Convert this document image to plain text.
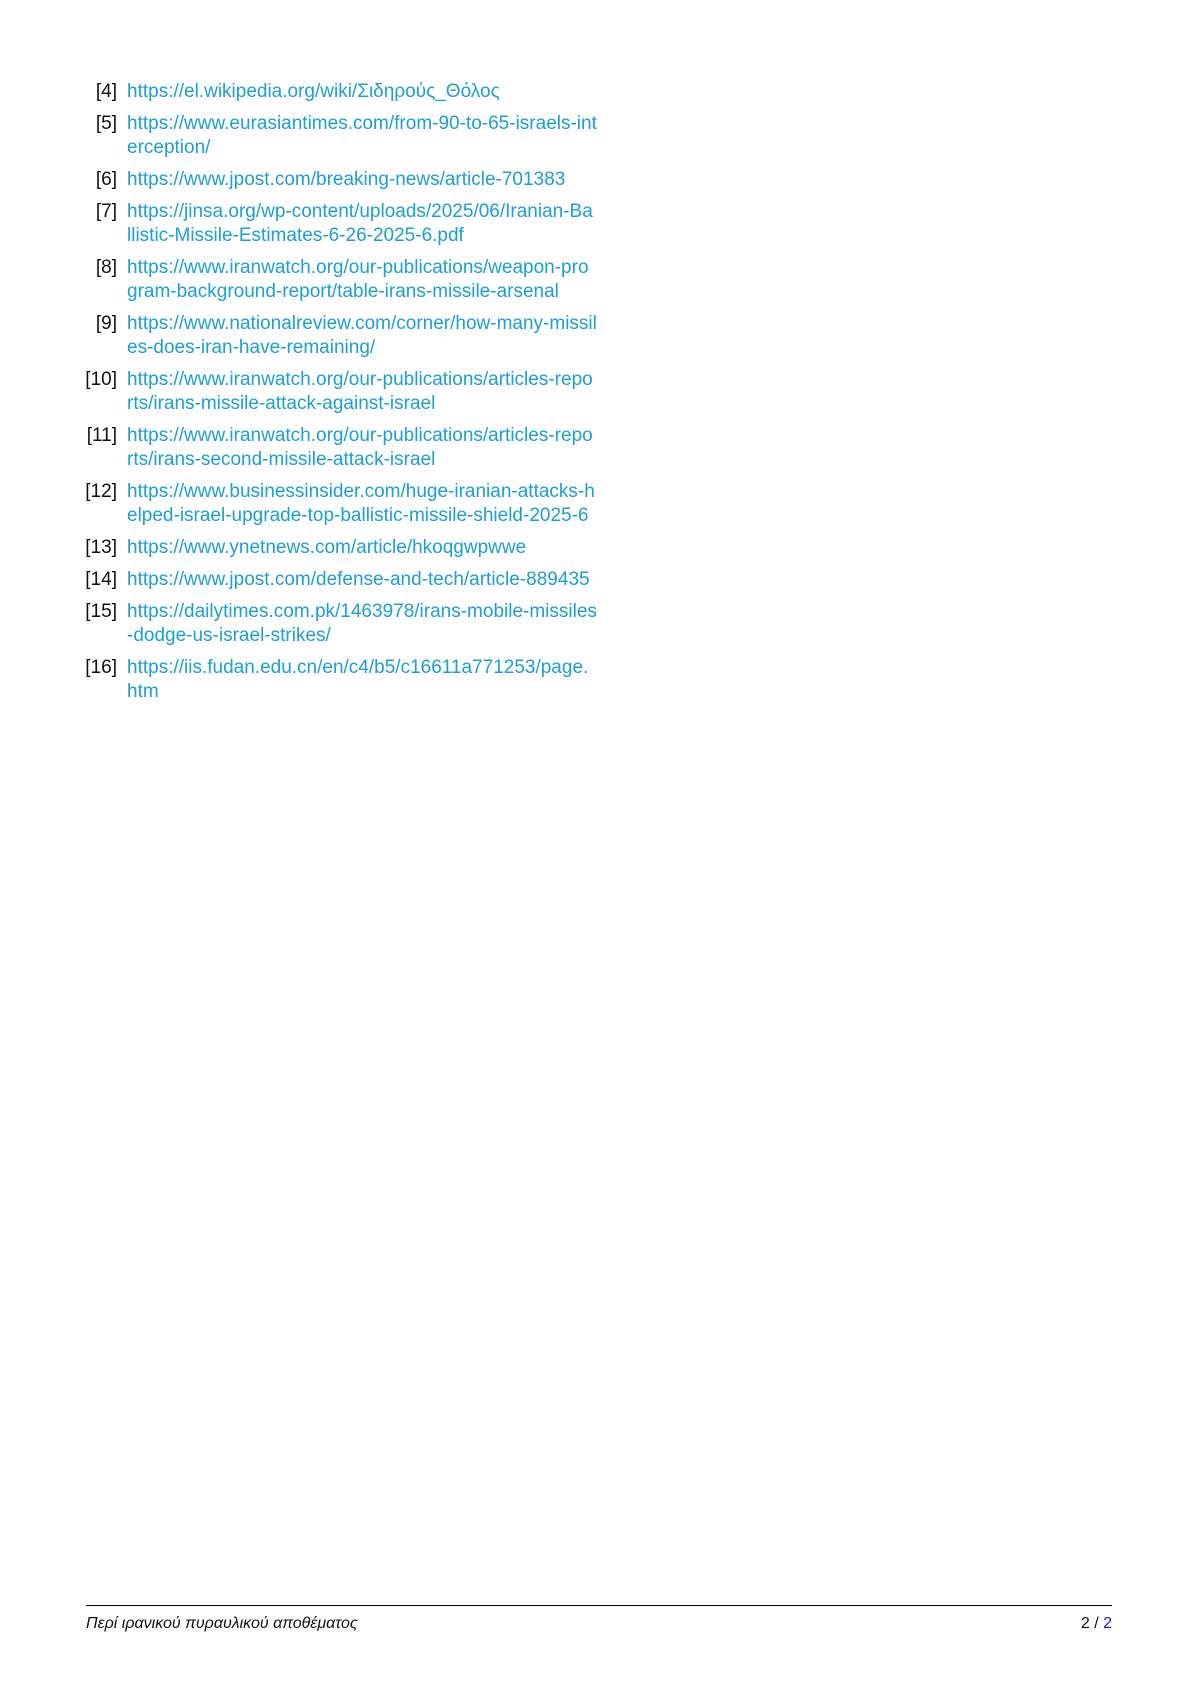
[4] https://el.wikipedia.org/wiki/Σιδηρούς_Θόλος
[5] https://www.eurasiantimes.com/from-90-to-65-israels-interception/
[6] https://www.jpost.com/breaking-news/article-701383
[7] https://jinsa.org/wp-content/uploads/2025/06/Iranian-Ballistic-Missile-Estimates-6-26-2025-6.pdf
[8] https://www.iranwatch.org/our-publications/weapon-program-background-report/table-irans-missile-arsenal
[9] https://www.nationalreview.com/corner/how-many-missiles-does-iran-have-remaining/
[10] https://www.iranwatch.org/our-publications/articles-reports/irans-missile-attack-against-israel
[11] https://www.iranwatch.org/our-publications/articles-reports/irans-second-missile-attack-israel
[12] https://www.businessinsider.com/huge-iranian-attacks-helped-israel-upgrade-top-ballistic-missile-shield-2025-6
[13] https://www.ynetnews.com/article/hkoqgwpwwe
[14] https://www.jpost.com/defense-and-tech/article-889435
[15] https://dailytimes.com.pk/1463978/irans-mobile-missiles-dodge-us-israel-strikes/
[16] https://iis.fudan.edu.cn/en/c4/b5/c16611a771253/page.htm
Περί ιρανικού πυραυλικού αποθέματος	2 / 2
